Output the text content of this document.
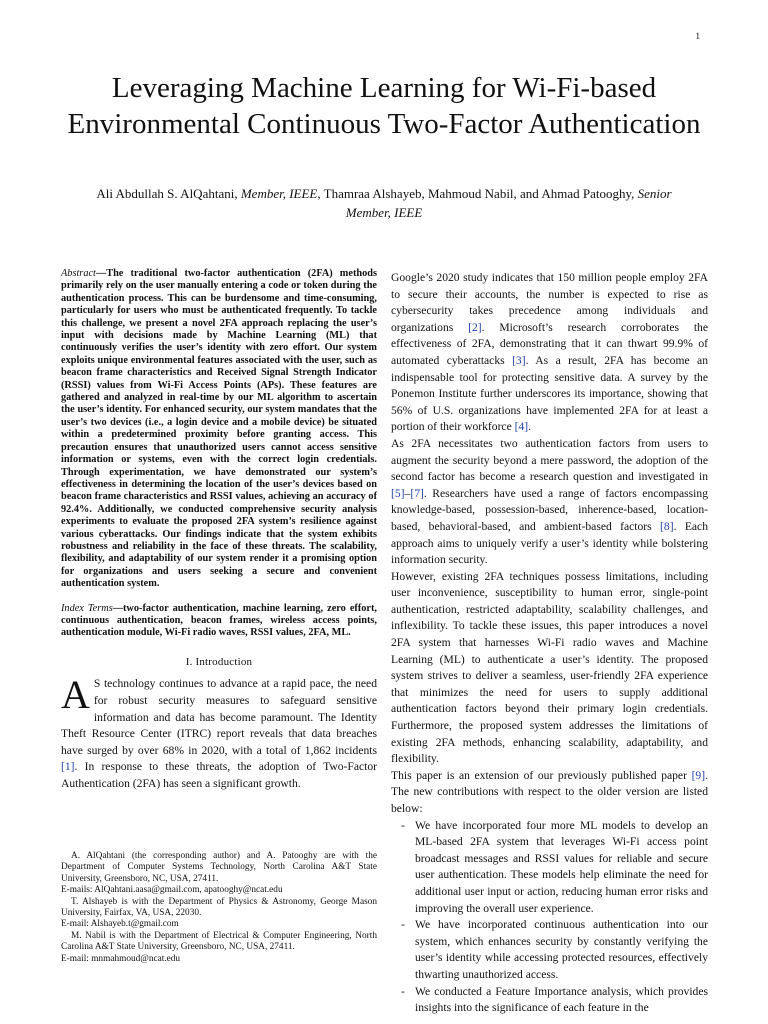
1
Leveraging Machine Learning for Wi-Fi-based Environmental Continuous Two-Factor Authentication
Ali Abdullah S. AlQahtani, Member, IEEE, Thamraa Alshayeb, Mahmoud Nabil, and Ahmad Patooghy, Senior Member, IEEE
Abstract—The traditional two-factor authentication (2FA) methods primarily rely on the user manually entering a code or token during the authentication process. This can be burdensome and time-consuming, particularly for users who must be authenticated frequently. To tackle this challenge, we present a novel 2FA approach replacing the user’s input with decisions made by Machine Learning (ML) that continuously verifies the user’s identity with zero effort. Our system exploits unique environmental features associated with the user, such as beacon frame characteristics and Received Signal Strength Indicator (RSSI) values from Wi-Fi Access Points (APs). These features are gathered and analyzed in real-time by our ML algorithm to ascertain the user’s identity. For enhanced security, our system mandates that the user’s two devices (i.e., a login device and a mobile device) be situated within a predetermined proximity before granting access. This precaution ensures that unauthorized users cannot access sensitive information or systems, even with the correct login credentials. Through experimentation, we have demonstrated our system’s effectiveness in determining the location of the user’s devices based on beacon frame characteristics and RSSI values, achieving an accuracy of 92.4%. Additionally, we conducted comprehensive security analysis experiments to evaluate the proposed 2FA system’s resilience against various cyberattacks. Our findings indicate that the system exhibits robustness and reliability in the face of these threats. The scalability, flexibility, and adaptability of our system render it a promising option for organizations and users seeking a secure and convenient authentication system.
Index Terms—two-factor authentication, machine learning, zero effort, continuous authentication, beacon frames, wireless access points, authentication module, Wi-Fi radio waves, RSSI values, 2FA, ML.
I. Introduction
A S technology continues to advance at a rapid pace, the need for robust security measures to safeguard sensitive information and data has become paramount. The Identity Theft Resource Center (ITRC) report reveals that data breaches have surged by over 68% in 2020, with a total of 1,862 incidents [1]. In response to these threats, the adoption of Two-Factor Authentication (2FA) has seen a significant growth.

A. AlQahtani (the corresponding author) and A. Patooghy are with the Department of Computer Systems Technology, North Carolina A&T State University, Greensboro, NC, USA, 27411.

E-mails: AlQahtani.aasa@gmail.com, apatooghy@ncat.edu

T. Alshayeb is with the Department of Physics & Astronomy, George Mason University, Fairfax, VA, USA, 22030.

E-mail: Alshayeb.t@gmail.com

M. Nabil is with the Department of Electrical & Computer Engineering, North Carolina A&T State University, Greensboro, NC, USA, 27411.

E-mail: mnmahmoud@ncat.edu

Google’s 2020 study indicates that 150 million people employ 2FA to secure their accounts, the number is expected to rise as cybersecurity takes precedence among individuals and organizations [2]. Microsoft’s research corroborates the effectiveness of 2FA, demonstrating that it can thwart 99.9% of automated cyberattacks [3]. As a result, 2FA has become an indispensable tool for protecting sensitive data. A survey by the Ponemon Institute further underscores its importance, showing that 56% of U.S. organizations have implemented 2FA for at least a portion of their workforce [4].

As 2FA necessitates two authentication factors from users to augment the security beyond a mere password, the adoption of the second factor has become a research question and investigated in [5]–[7]. Researchers have used a range of factors encompassing knowledge-based, possession-based, inherence-based, location-based, behavioral-based, and ambient-based factors [8]. Each approach aims to uniquely verify a user’s identity while bolstering information security.

However, existing 2FA techniques possess limitations, including user inconvenience, susceptibility to human error, single-point authentication, restricted adaptability, scalability challenges, and inflexibility. To tackle these issues, this paper introduces a novel 2FA system that harnesses Wi-Fi radio waves and Machine Learning (ML) to authenticate a user’s identity. The proposed system strives to deliver a seamless, user-friendly 2FA experience that minimizes the need for users to supply additional authentication factors beyond their primary login credentials. Furthermore, the proposed system addresses the limitations of existing 2FA methods, enhancing scalability, adaptability, and flexibility.

This paper is an extension of our previously published paper [9]. The new contributions with respect to the older version are listed below:

- We have incorporated four more ML models to develop an ML-based 2FA system that leverages Wi-Fi access point broadcast messages and RSSI values for reliable and secure user authentication. These models help eliminate the need for additional user input or action, reducing human error risks and improving the overall user experience.
- We have incorporated continuous authentication into our system, which enhances security by constantly verifying the user’s identity while accessing protected resources, effectively thwarting unauthorized access.
- We conducted a Feature Importance analysis, which provides insights into the significance of each feature in the
